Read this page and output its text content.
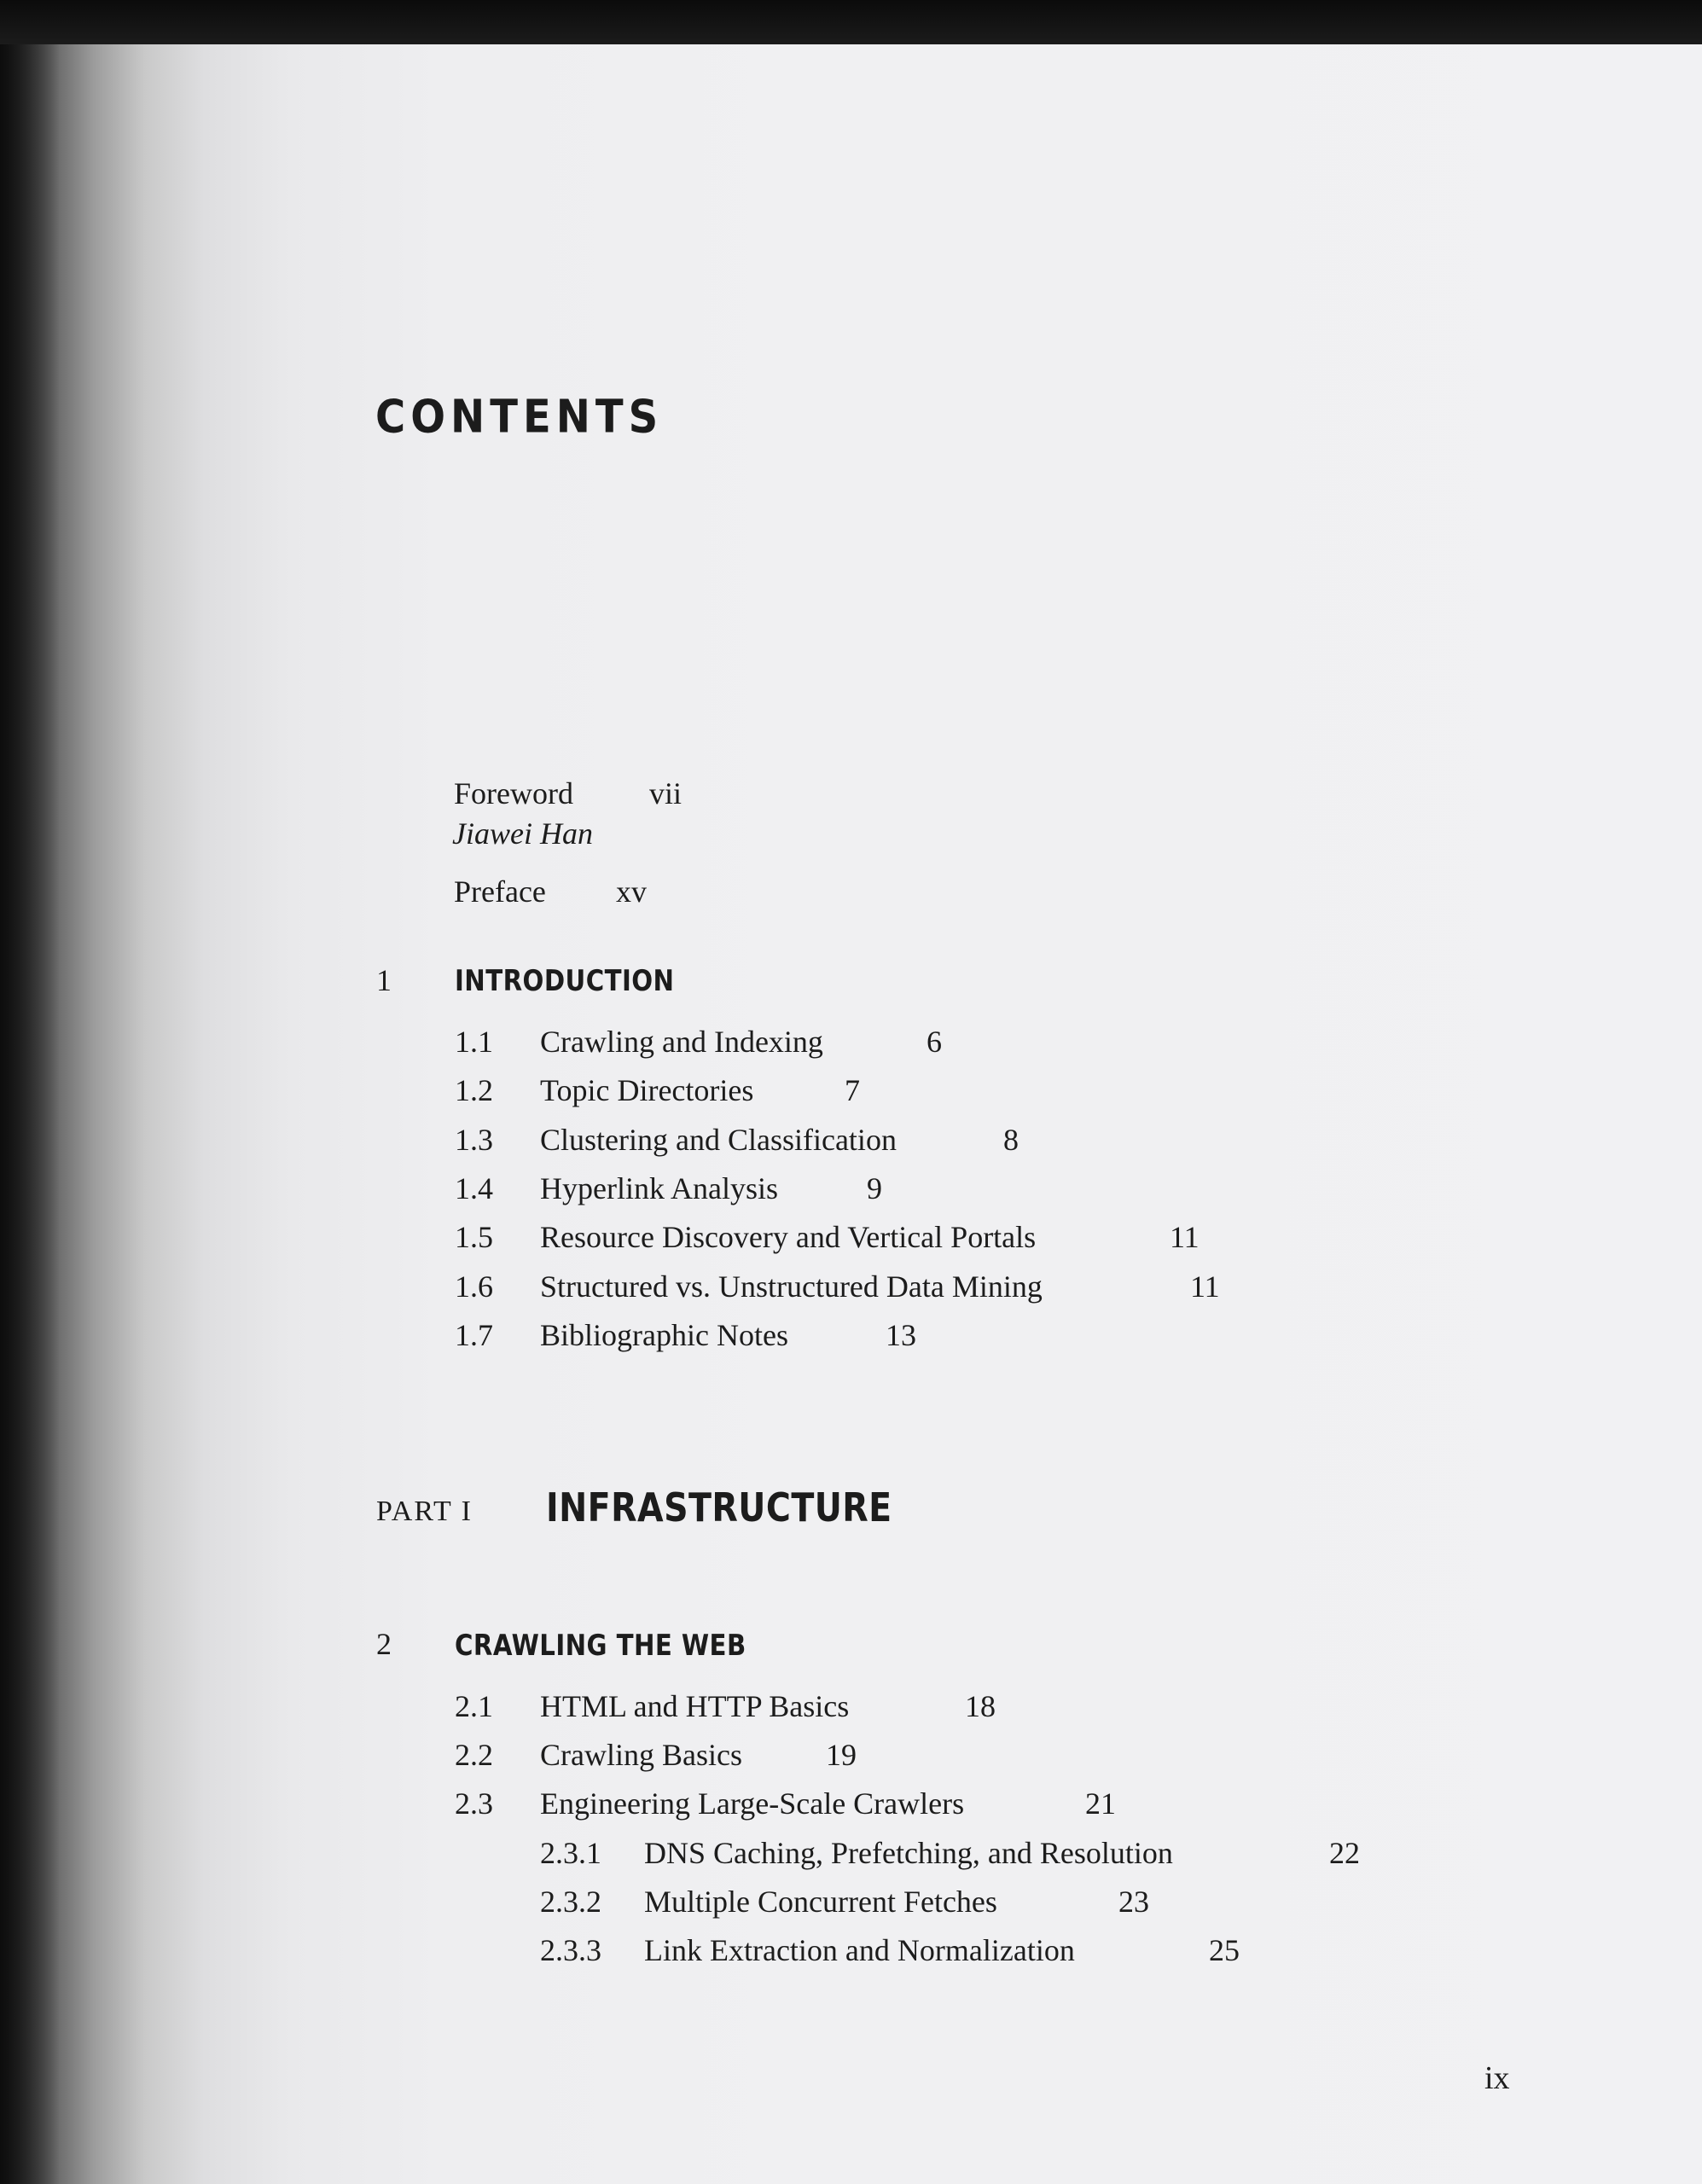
CONTENTS
Foreword vii
Jiawei Han
Preface xv
1 INTRODUCTION
1.1 Crawling and Indexing	6
1.2 Topic Directories	7
1.3 Clustering and Classification	8
1.4 Hyperlink Analysis	9
1.5 Resource Discovery and Vertical Portals	11
1.6 Structured vs. Unstructured Data Mining	11
1.7 Bibliographic Notes	13
PART I INFRASTRUCTURE
2 CRAWLING THE WEB
2.1 HTML and HTTP Basics	18
2.2 Crawling Basics	19
2.3 Engineering Large-Scale Crawlers	21
2.3.1 DNS Caching, Prefetching, and Resolution	22
2.3.2 Multiple Concurrent Fetches	23
2.3.3 Link Extraction and Normalization	25
ix
